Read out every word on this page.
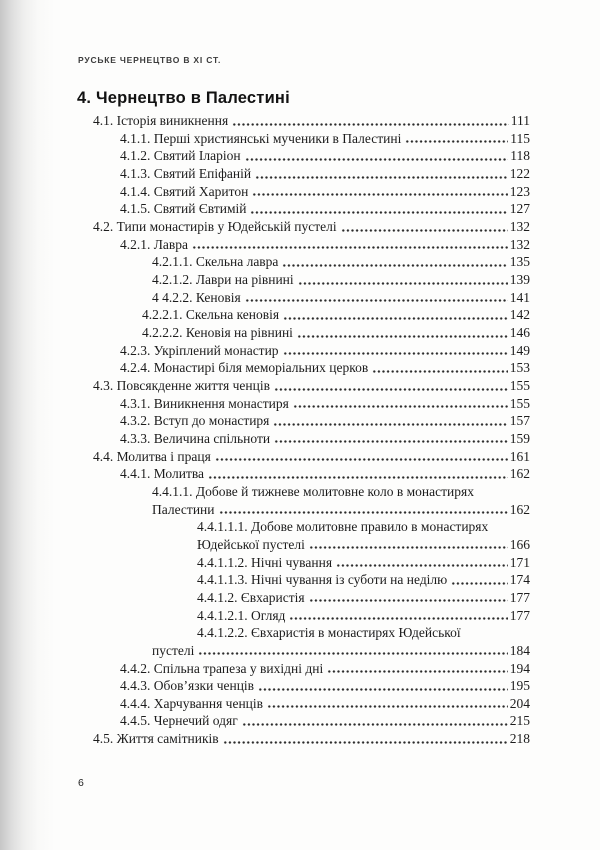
РУСЬКЕ ЧЕРНЕЦТВО В XI СТ.
4. Чернецтво в Палестині
4.1. Історія виникнення	111
4.1.1. Перші християнські мученики в Палестині	115
4.1.2. Святий Іларіон	118
4.1.3. Святий Епіфаній	122
4.1.4. Святий Харитон	123
4.1.5. Святий Євтимій	127
4.2. Типи монастирів у Юдейській пустелі	132
4.2.1. Лавра	132
4.2.1.1. Скельна лавра	135
4.2.1.2. Лаври на рівнині	139
4 4.2.2. Кеновія	141
4.2.2.1. Скельна кеновія	142
4.2.2.2. Кеновія на рівнині	146
4.2.3. Укріплений монастир	149
4.2.4. Монастирі біля меморіальних церков	153
4.3. Повсякденне життя ченців	155
4.3.1. Виникнення монастиря	155
4.3.2. Вступ до монастиря	157
4.3.3. Величина спільноти	159
4.4. Молитва і праця	161
4.4.1. Молитва	162
4.4.1.1. Добове й тижневе молитовне коло в монастирях
Палестини	162
4.4.1.1.1. Добове молитовне правило в монастирях
Юдейської пустелі	166
4.4.1.1.2. Нічні чування	171
4.4.1.1.3. Нічні чування із суботи на неділю	174
4.4.1.2. Євхаристія	177
4.4.1.2.1. Огляд	177
4.4.1.2.2. Євхаристія в монастирях Юдейської
пустелі	184
4.4.2. Спільна трапеза у вихідні дні	194
4.4.3. Обов’язки ченців	195
4.4.4. Харчування ченців	204
4.4.5. Чернечий одяг	215
4.5. Життя самітників	218
6
